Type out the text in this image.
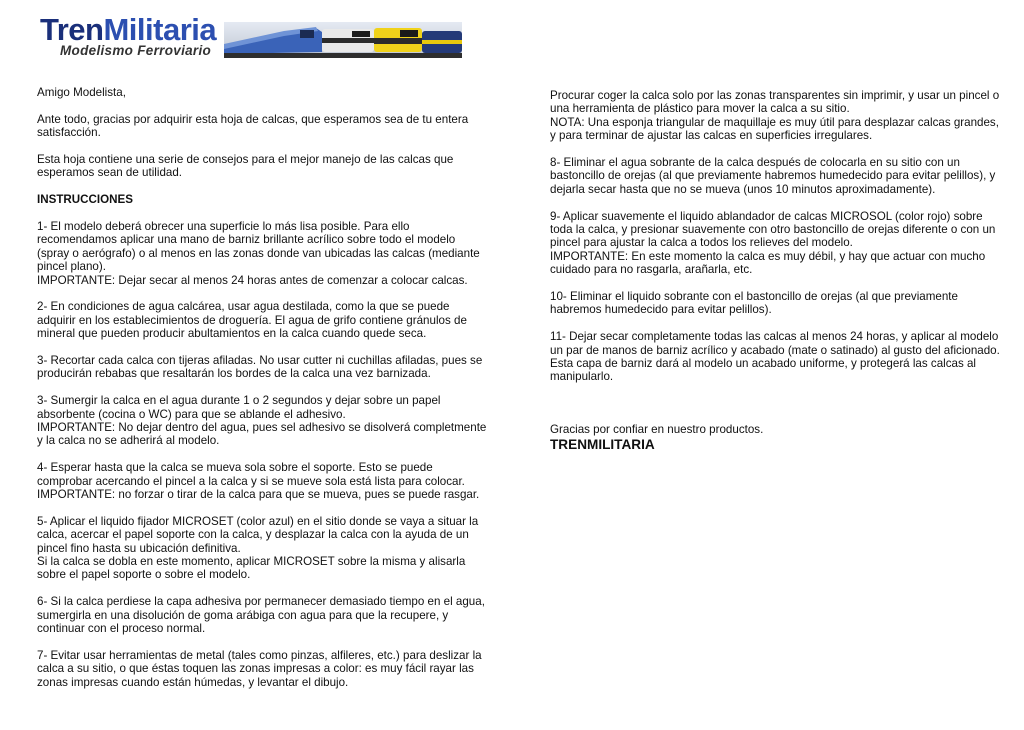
TrenMilitaria
Modelismo Ferroviario
Amigo Modelista,
Ante todo, gracias por adquirir esta hoja de calcas, que esperamos sea de tu entera
satisfacción.
Esta hoja contiene una serie de consejos para el mejor manejo de las calcas que
esperamos sean de utilidad.
INSTRUCCIONES
1- El modelo deberá obrecer una superficie lo más lisa posible. Para ello
recomendamos aplicar una mano de barniz brillante acrílico sobre todo el modelo
(spray o aerógrafo) o al menos en las zonas donde van ubicadas las calcas (mediante
pincel plano).
IMPORTANTE: Dejar secar al menos 24 horas antes de comenzar a colocar calcas.
2- En condiciones de agua calcárea, usar agua destilada, como la que se puede
adquirir en los establecimientos de droguería. El agua de grifo contiene gránulos de
mineral que pueden producir abultamientos en la calca cuando quede seca.
3- Recortar cada calca con tijeras afiladas. No usar cutter ni cuchillas afiladas, pues se
producirán rebabas que resaltarán los bordes de la calca una vez barnizada.
3- Sumergir la calca en el agua durante 1 o 2 segundos y dejar sobre un papel
absorbente (cocina o WC) para que se ablande el adhesivo.
IMPORTANTE: No dejar dentro del agua, pues sel adhesivo se disolverá completmente
y la calca no se adherirá al modelo.
4- Esperar hasta que la calca se mueva sola sobre el soporte. Esto se puede
comprobar acercando el pincel a la calca y si se mueve sola está lista para colocar.
IMPORTANTE: no forzar o tirar de la calca para que se mueva, pues se puede rasgar.
5- Aplicar el liquido fijador MICROSET (color azul) en el sitio donde se vaya a situar la
calca, acercar el papel soporte con la calca, y desplazar la calca con la ayuda de un
pincel fino hasta su ubicación definitiva.
Si la calca se dobla en este momento, aplicar MICROSET sobre la misma y alisarla
sobre el papel soporte o sobre el modelo.
6- Si la calca perdiese la capa adhesiva por permanecer demasiado tiempo en el agua,
sumergirla en una disolución de goma arábiga con agua para que la recupere, y
continuar con el proceso normal.
7- Evitar usar herramientas de metal (tales como pinzas, alfileres, etc.) para deslizar la
calca a su sitio, o que éstas toquen las zonas impresas a color: es muy fácil rayar las
zonas impresas cuando están húmedas, y levantar el dibujo.
Procurar coger la calca solo por las zonas transparentes sin imprimir, y usar un pincel o
una herramienta de plástico para mover la calca a su sitio.
NOTA: Una esponja triangular de maquillaje es muy útil para desplazar calcas grandes,
y para terminar de ajustar las calcas en superficies irregulares.
8- Eliminar el agua sobrante de la calca después de colocarla en su sitio con un
bastoncillo de orejas (al que previamente habremos humedecido para evitar pelillos), y
dejarla secar hasta que no se mueva (unos 10 minutos aproximadamente).
9- Aplicar suavemente el liquido ablandador de calcas MICROSOL (color rojo) sobre
toda la calca, y presionar suavemente con otro bastoncillo de orejas diferente o con un
pincel para ajustar la calca a todos los relieves del modelo.
IMPORTANTE: En este momento la calca es muy débil, y hay que actuar con mucho
cuidado para no rasgarla, arañarla, etc.
10- Eliminar el liquido sobrante con el bastoncillo de orejas (al que previamente
habremos humedecido para evitar pelillos).
11- Dejar secar completamente todas las calcas al menos 24 horas, y aplicar al modelo
un par de manos de barniz acrílico y acabado (mate o satinado) al gusto del aficionado.
Esta capa de barniz dará al modelo un acabado uniforme, y protegerá las calcas al
manipularlo.
Gracias por confiar en nuestro productos.
TRENMILITARIA
